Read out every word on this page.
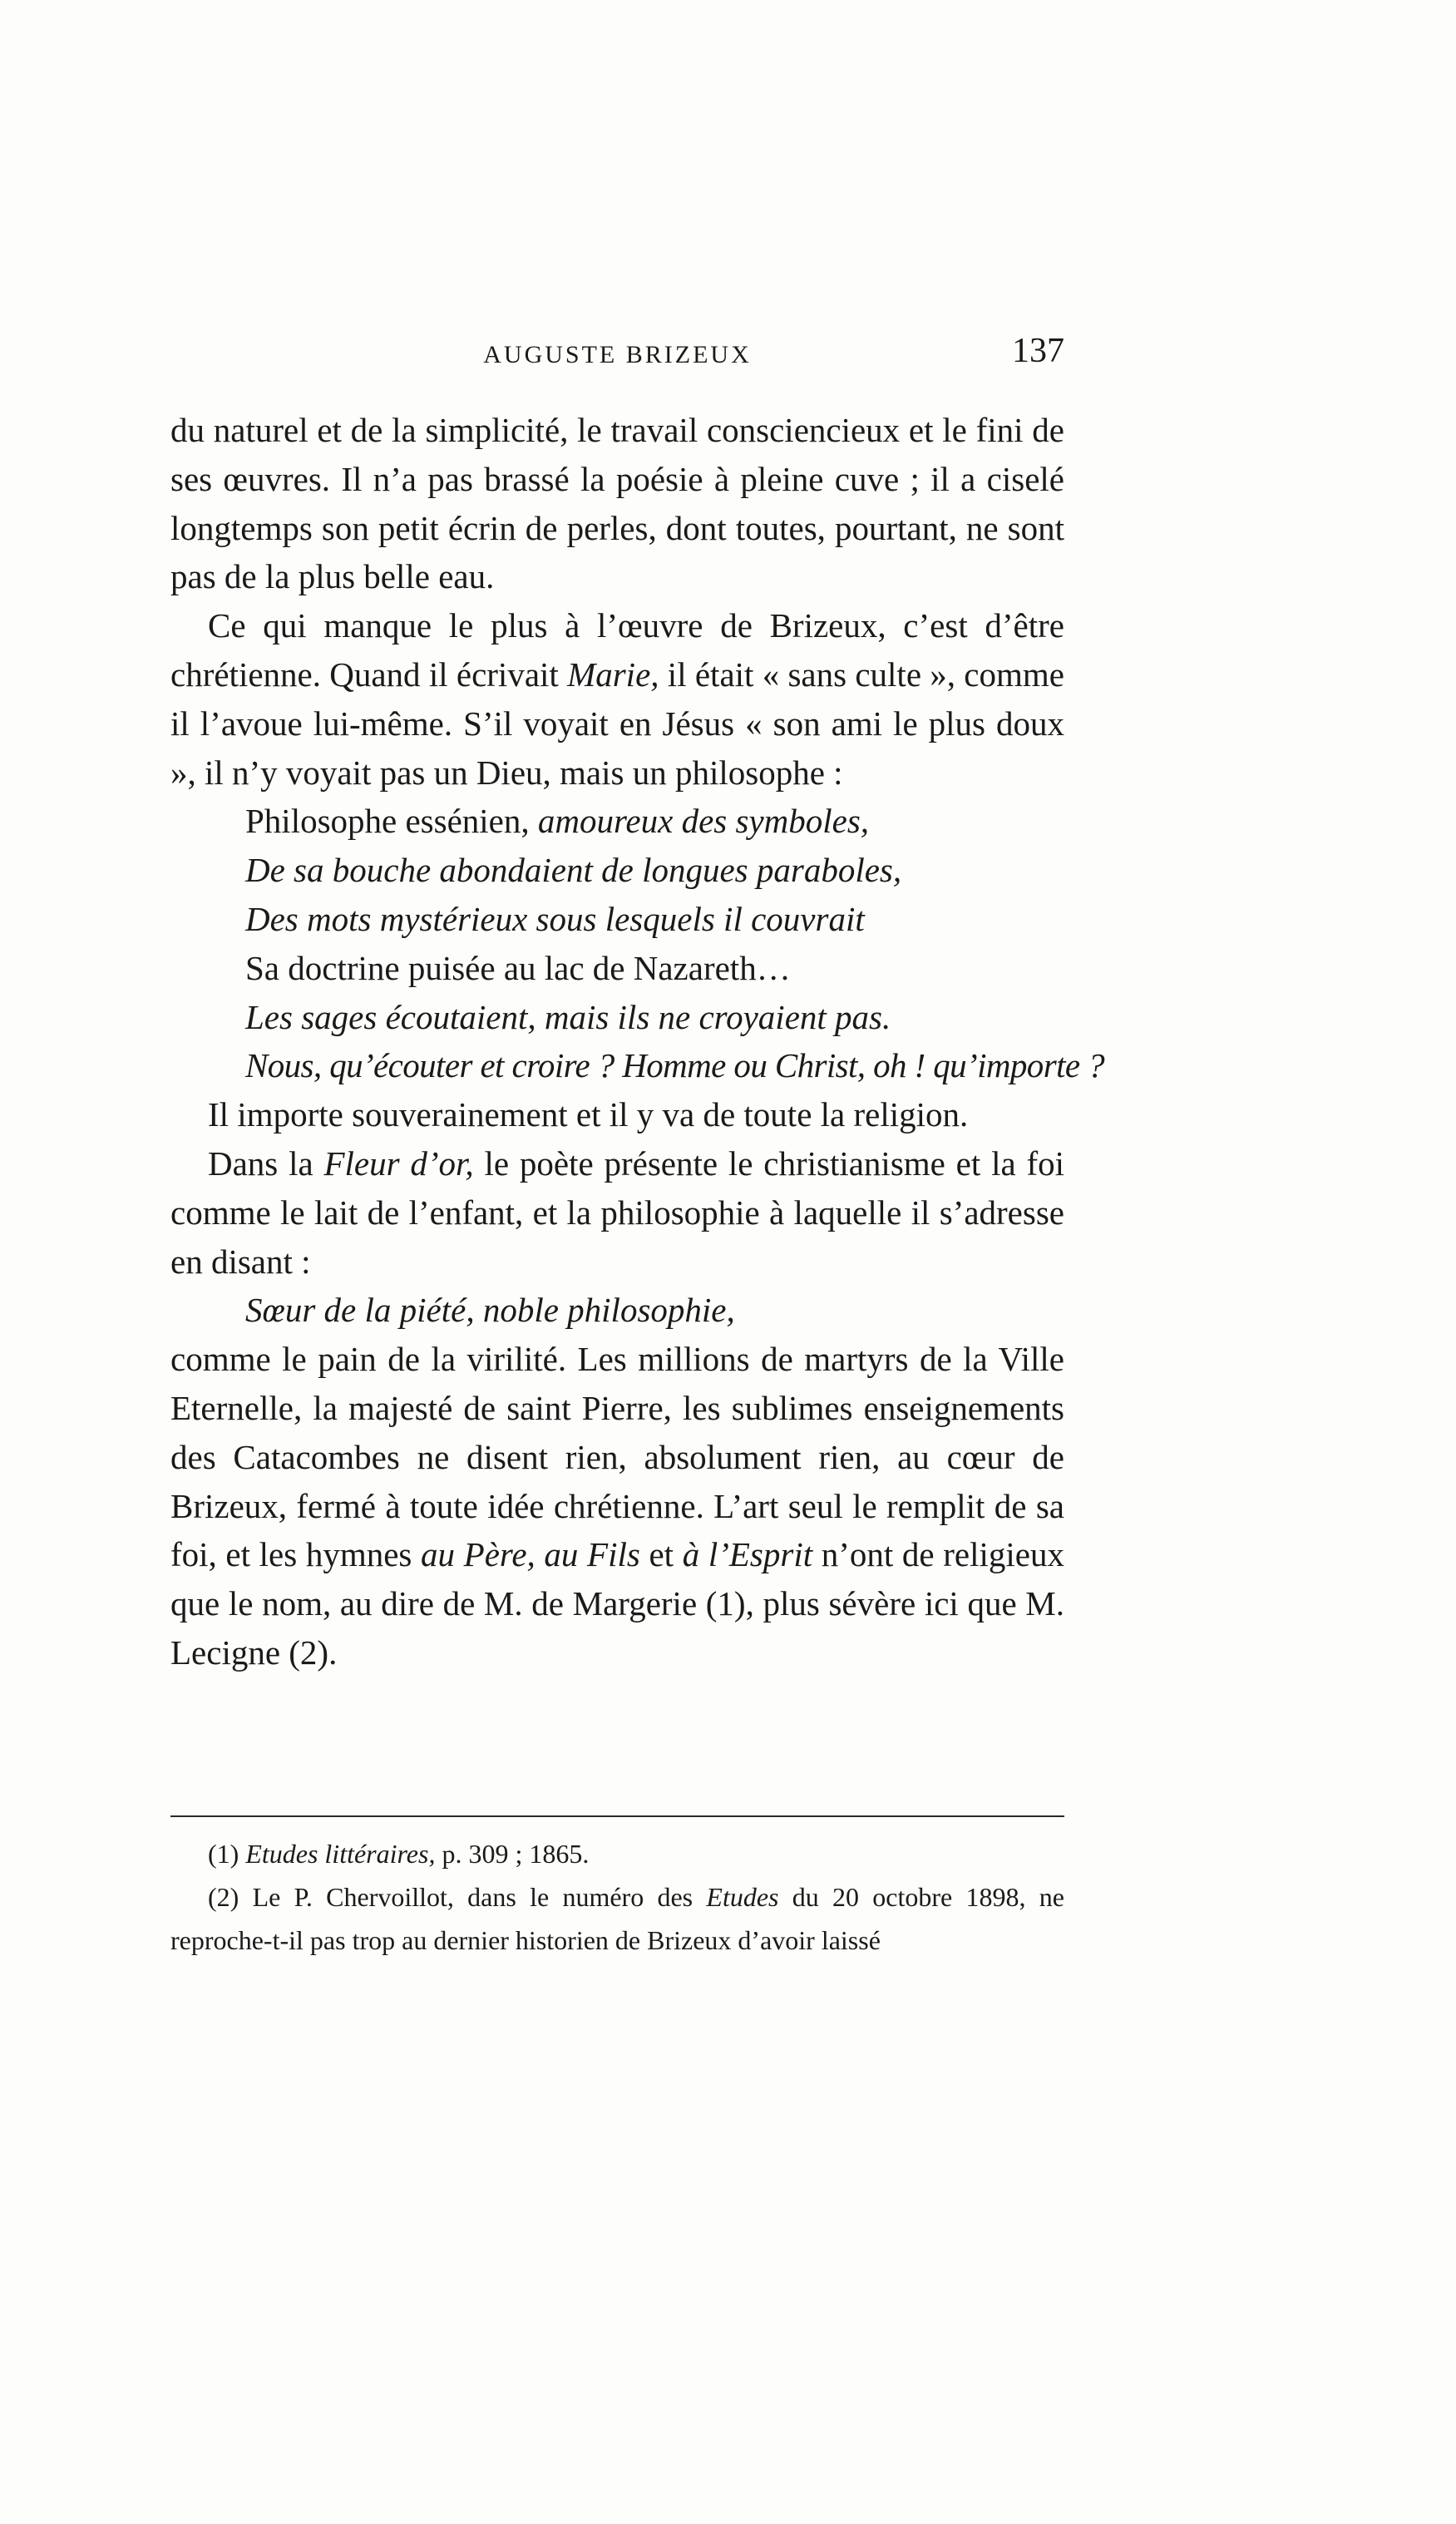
AUGUSTE BRIZEUX	137

du naturel et de la simplicité, le travail consciencieux et le fini de ses œuvres. Il n’a pas brassé la poésie à pleine cuve ; il a ciselé longtemps son petit écrin de perles, dont toutes, pourtant, ne sont pas de la plus belle eau.

Ce qui manque le plus à l’œuvre de Brizeux, c’est d’être chrétienne. Quand il écrivait Marie, il était « sans culte », comme il l’avoue lui-même. S’il voyait en Jésus « son ami le plus doux », il n’y voyait pas un Dieu, mais un philosophe :

Philosophe essénien, amoureux des symboles,

De sa bouche abondaient de longues paraboles,

Des mots mystérieux sous lesquels il couvrait

Sa doctrine puisée au lac de Nazareth…

Les sages écoutaient, mais ils ne croyaient pas.

Nous, qu’écouter et croire ? Homme ou Christ, oh ! qu’importe ?

Il importe souverainement et il y va de toute la religion.

Dans la Fleur d’or, le poète présente le christianisme et la foi comme le lait de l’enfant, et la philosophie à laquelle il s’adresse en disant :

Sœur de la piété, noble philosophie,

comme le pain de la virilité. Les millions de martyrs de la Ville Eternelle, la majesté de saint Pierre, les sublimes enseignements des Catacombes ne disent rien, absolument rien, au cœur de Brizeux, fermé à toute idée chrétienne. L’art seul le remplit de sa foi, et les hymnes au Père, au Fils et à l’Esprit n’ont de religieux que le nom, au dire de M. de Margerie (1), plus sévère ici que M. Lecigne (2).

(1) Etudes littéraires, p. 309 ; 1865.

(2) Le P. Chervoillot, dans le numéro des Etudes du 20 octobre 1898, ne reproche-t-il pas trop au dernier historien de Brizeux d’avoir laissé
